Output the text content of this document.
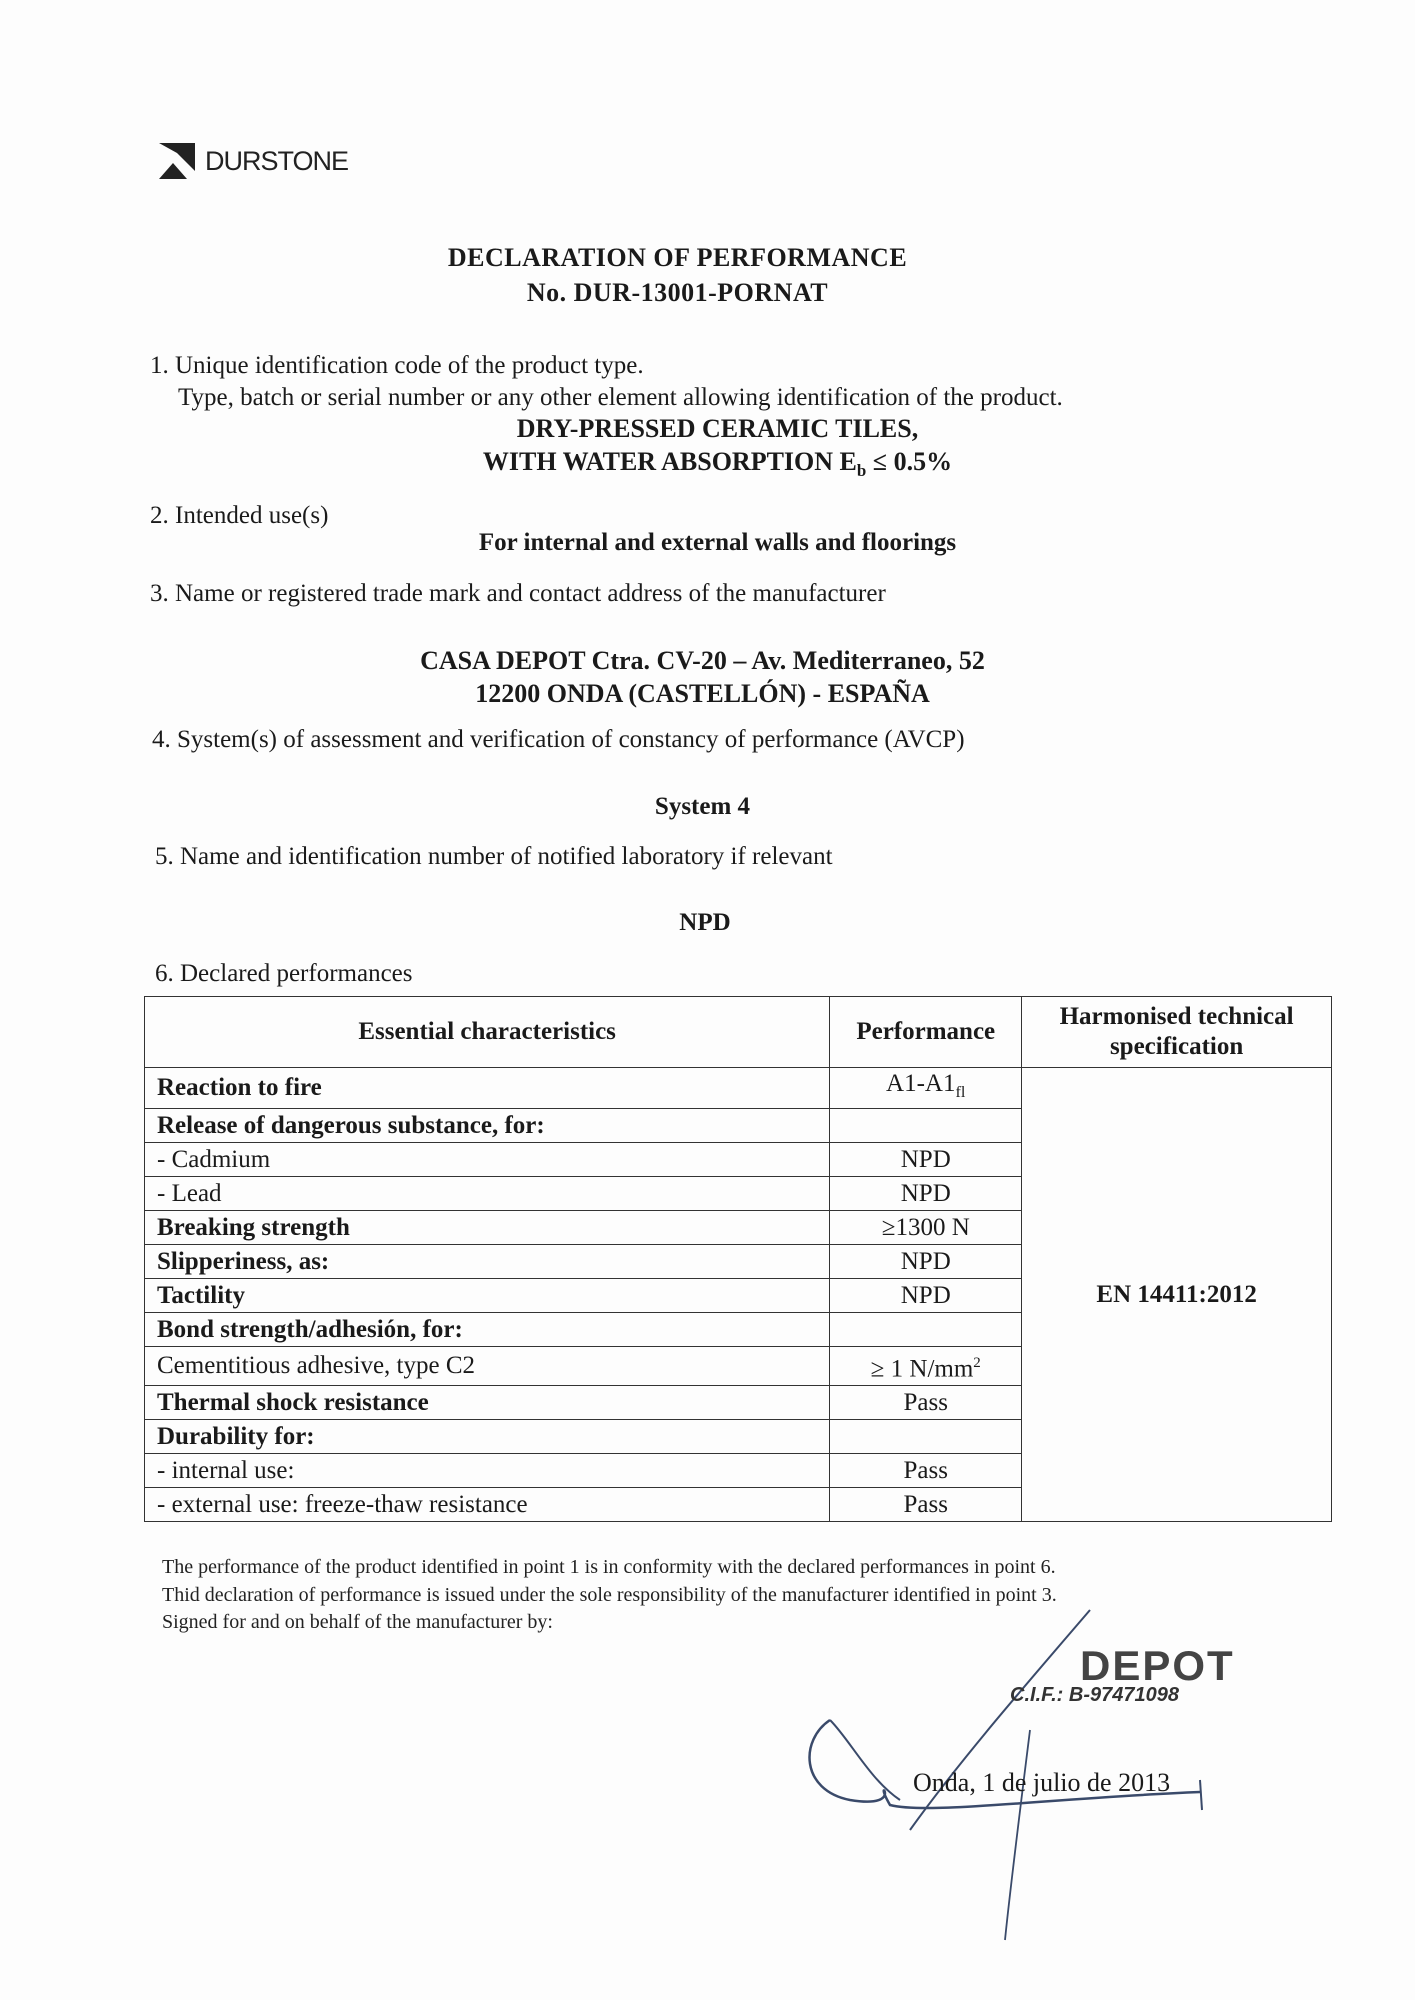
DURSTONE
DECLARATION OF PERFORMANCE
No. DUR-13001-PORNAT
1. Unique identification code of the product type.
Type, batch or serial number or any other element allowing identification of the product.
DRY-PRESSED CERAMIC TILES,
WITH WATER ABSORPTION $E_b \le 0.5\%$
2. Intended use(s)
For internal and external walls and floorings
3. Name or registered trade mark and contact address of the manufacturer
CASA DEPOT Ctra. CV-20 – Av. Mediterraneo, 52
12200 ONDA (CASTELLÓN) - ESPAÑA
4. System(s) of assessment and verification of constancy of performance (AVCP)
System 4
5. Name and identification number of notified laboratory if relevant
NPD
6. Declared performances
Essential characteristics	Performance	Harmonised technical specification
Reaction to fire	$A1-A1_{fl}$	EN 14411:2012
Release of dangerous substance, for:		
- Cadmium	NPD	
- Lead	NPD	
Breaking strength	≥1300 N	
Slipperiness, as:	NPD	
Tactility	NPD	
Bond strength/adhesión, for:		
Cementitious adhesive, type C2	≥ 1 $N/mm^2$
Thermal shock resistance	Pass	
Durability for:		
- internal use:	Pass	
- external use: freeze-thaw resistance	Pass	
The performance of the product identified in point 1 is in conformity with the declared performances in point 6.
Thid declaration of performance is issued under the sole responsibility of the manufacturer identified in point 3.
Signed for and on behalf of the manufacturer by:
DEPOT
C.I.F.: B-97471098
Onda, 1 de julio de 2013
